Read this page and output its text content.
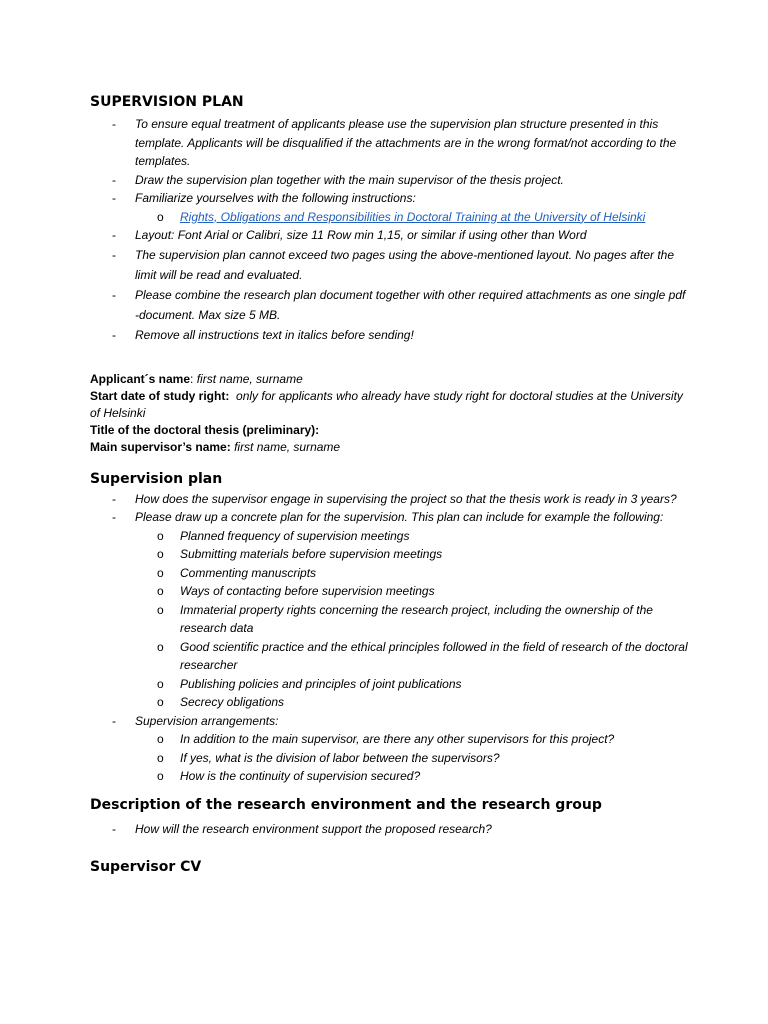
SUPERVISION PLAN
- To ensure equal treatment of applicants please use the supervision plan structure presented in this template. Applicants will be disqualified if the attachments are in the wrong format/not according to the templates.
- Draw the supervision plan together with the main supervisor of the thesis project.
- Familiarize yourselves with the following instructions:
o Rights, Obligations and Responsibilities in Doctoral Training at the University of Helsinki
- Layout: Font Arial or Calibri, size 11 Row min 1,15, or similar if using other than Word
- The supervision plan cannot exceed two pages using the above-mentioned layout. No pages after the limit will be read and evaluated.
- Please combine the research plan document together with other required attachments as one single pdf -document. Max size 5 MB.
- Remove all instructions text in italics before sending!
Applicant´s name: first name, surname
Start date of study right: only for applicants who already have study right for doctoral studies at the University of Helsinki
Title of the doctoral thesis (preliminary):
Main supervisor’s name: first name, surname
Supervision plan
- How does the supervisor engage in supervising the project so that the thesis work is ready in 3 years?
- Please draw up a concrete plan for the supervision. This plan can include for example the following:
o Planned frequency of supervision meetings
o Submitting materials before supervision meetings
o Commenting manuscripts
o Ways of contacting before supervision meetings
o Immaterial property rights concerning the research project, including the ownership of the research data
o Good scientific practice and the ethical principles followed in the field of research of the doctoral researcher
o Publishing policies and principles of joint publications
o Secrecy obligations
- Supervision arrangements:
o In addition to the main supervisor, are there any other supervisors for this project?
o If yes, what is the division of labor between the supervisors?
o How is the continuity of supervision secured?
Description of the research environment and the research group
- How will the research environment support the proposed research?
Supervisor CV
